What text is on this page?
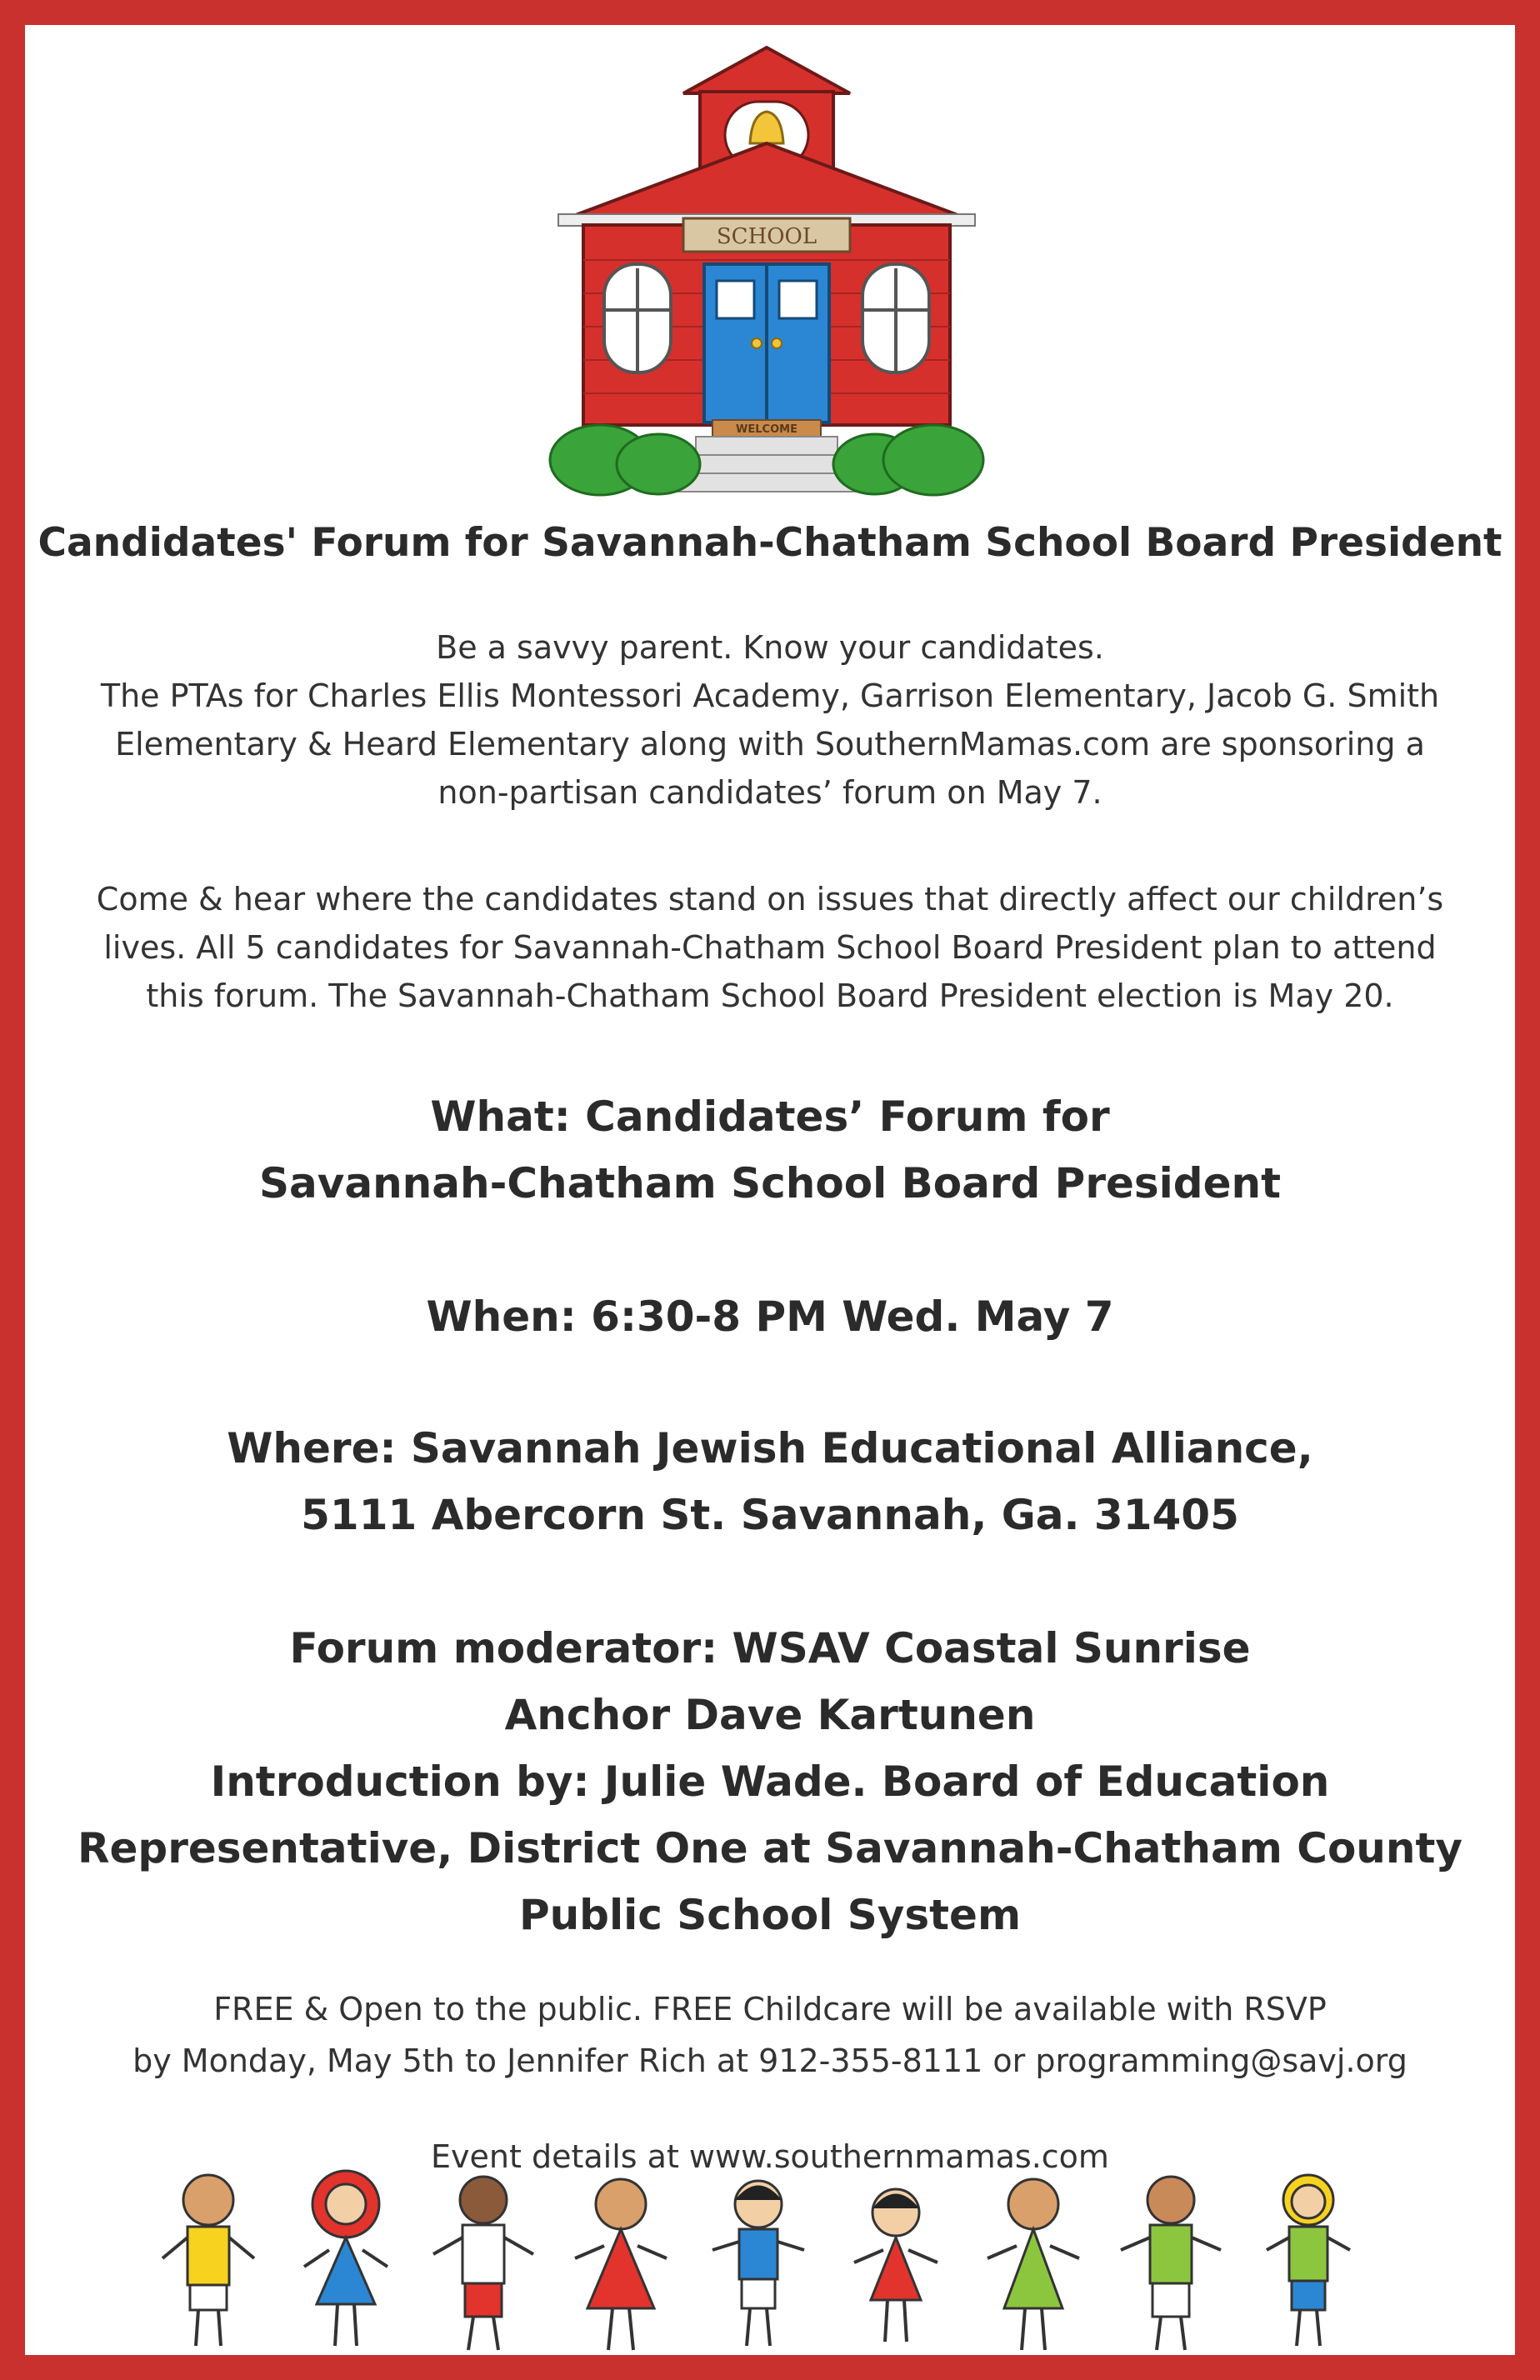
SCHOOL
WELCOME
Candidates' Forum for Savannah-Chatham School Board President
Be a savvy parent. Know your candidates.
The PTAs for Charles Ellis Montessori Academy, Garrison Elementary, Jacob G. Smith
Elementary & Heard Elementary along with SouthernMamas.com are sponsoring a
non-partisan candidates’ forum on May 7.
Come & hear where the candidates stand on issues that directly affect our children’s
lives. All 5 candidates for Savannah-Chatham School Board President plan to attend
this forum. The Savannah-Chatham School Board President election is May 20.
What: Candidates’ Forum for
Savannah-Chatham School Board President
When: 6:30-8 PM Wed. May 7
Where: Savannah Jewish Educational Alliance,
5111 Abercorn St. Savannah, Ga. 31405
Forum moderator: WSAV Coastal Sunrise
Anchor Dave Kartunen
Introduction by: Julie Wade. Board of Education
Representative, District One at Savannah-Chatham County
Public School System
FREE & Open to the public. FREE Childcare will be available with RSVP
by Monday, May 5th to Jennifer Rich at 912-355-8111 or programming@savj.org
Event details at www.southernmamas.com
